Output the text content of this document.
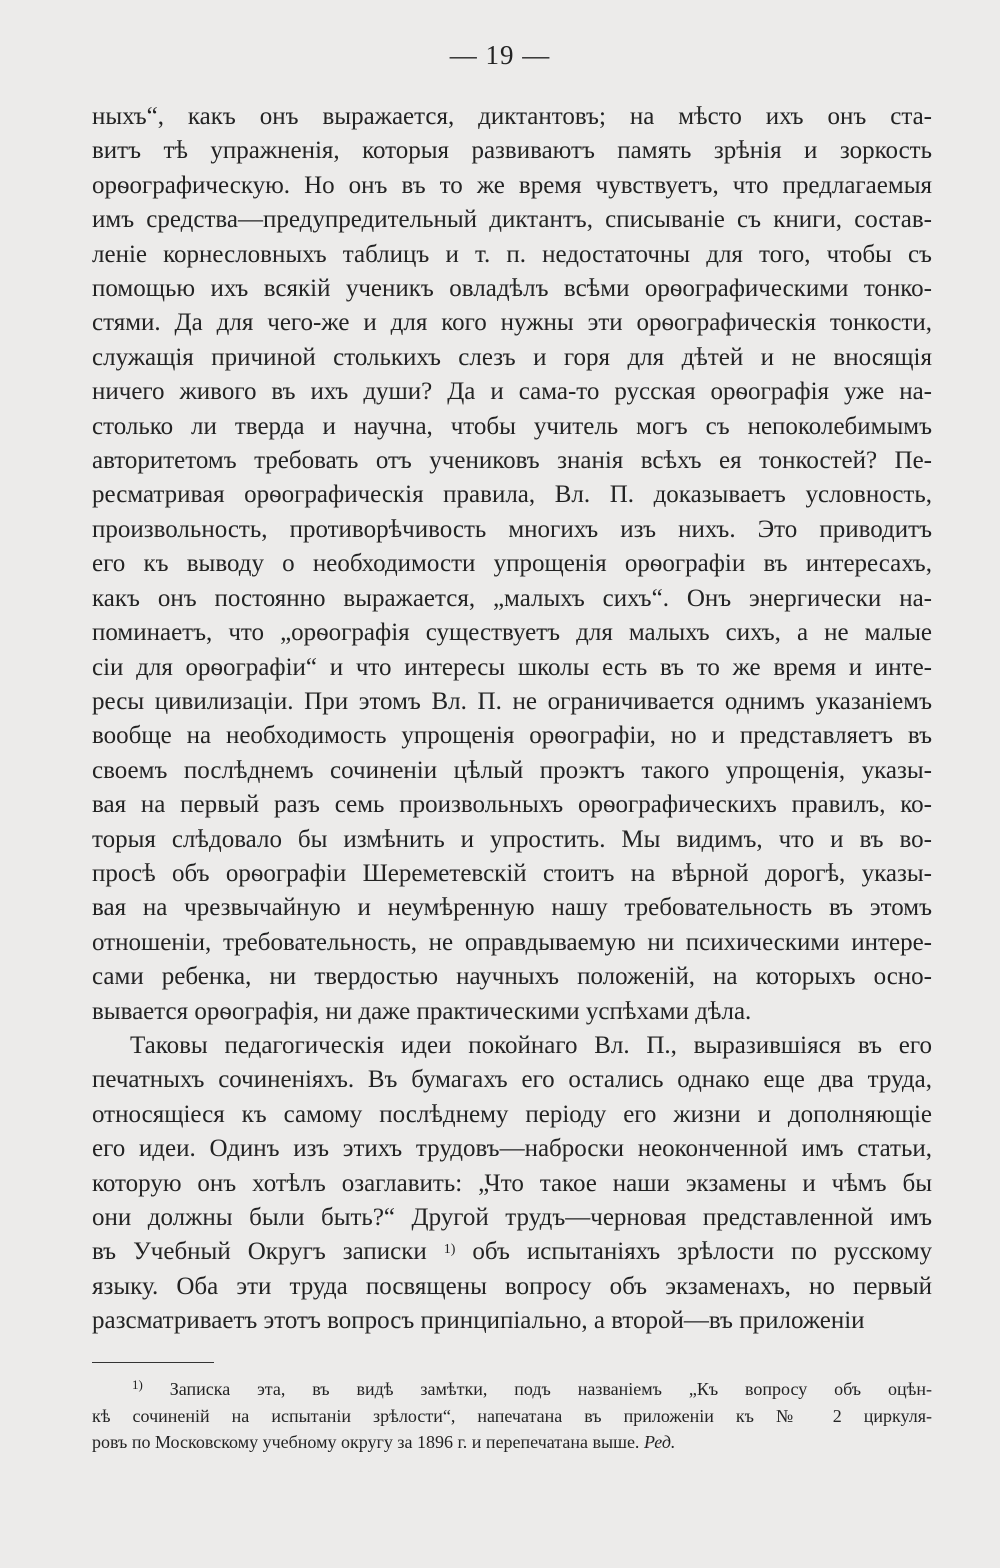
— 19 —

ныхъ“, какъ онъ выражается, диктантовъ; на мѣсто ихъ онъ ста-

витъ тѣ упражненія, которыя развиваютъ память зрѣнія и зоркость

орѳографическую. Но онъ въ то же время чувствуетъ, что предлагаемыя

имъ средства—предупредительный диктантъ, списываніе съ книги, состав-

леніе корнесловныхъ таблицъ и т. п. недостаточны для того, чтобы съ

помощью ихъ всякій ученикъ овладѣлъ всѣми орѳографическими тонко-

стями. Да для чего-же и для кого нужны эти орѳографическія тонкости,

служащія причиной столькихъ слезъ и горя для дѣтей и не вносящія

ничего живого въ ихъ души? Да и сама-то русская орѳографія уже на-

столько ли тверда и научна, чтобы учитель могъ съ непоколебимымъ

авторитетомъ требовать отъ учениковъ знанія всѣхъ ея тонкостей? Пе-

ресматривая орѳографическія правила, Вл. П. доказываетъ условность,

произвольность, противорѣчивость многихъ изъ нихъ. Это приводитъ

его къ выводу о необходимости упрощенія орѳографіи въ интересахъ,

какъ онъ постоянно выражается, „малыхъ сихъ“. Онъ энергически на-

поминаетъ, что „орѳографія существуетъ для малыхъ сихъ, а не малые

сіи для орѳографіи“ и что интересы школы есть въ то же время и инте-

ресы цивилизаціи. При этомъ Вл. П. не ограничивается однимъ указаніемъ

вообще на необходимость упрощенія орѳографіи, но и представляетъ въ

своемъ послѣднемъ сочиненіи цѣлый проэктъ такого упрощенія, указы-

вая на первый разъ семь произвольныхъ орѳографическихъ правилъ, ко-

торыя слѣдовало бы измѣнить и упростить. Мы видимъ, что и въ во-

просѣ объ орѳографіи Шереметевскій стоитъ на вѣрной дорогѣ, указы-

вая на чрезвычайную и неумѣренную нашу требовательность въ этомъ

отношеніи, требовательность, не оправдываемую ни психическими интере-

сами ребенка, ни твердостью научныхъ положеній, на которыхъ осно-

вывается орѳографія, ни даже практическими успѣхами дѣла.

Таковы педагогическія идеи покойнаго Вл. П., выразившіяся въ его

печатныхъ сочиненіяхъ. Въ бумагахъ его остались однако еще два труда,

относящіеся къ самому послѣднему періоду его жизни и дополняющіе

его идеи. Одинъ изъ этихъ трудовъ—наброски неоконченной имъ статьи,

которую онъ хотѣлъ озаглавить: „Что такое наши экзамены и чѣмъ бы

они должны были быть?“ Другой трудъ—черновая представленной имъ

въ Учебный Округъ записки $^{1)}$ объ испытаніяхъ зрѣлости по русскому

языку. Оба эти труда посвящены вопросу объ экзаменахъ, но первый

разсматриваетъ этотъ вопросъ принципіально, а второй—въ приложеніи

$^{1)}$ Записка эта, въ видѣ замѣтки, подъ названіемъ „Къ вопросу объ оцѣн-
кѣ сочиненій на испытаніи зрѣлости“, напечатана въ приложеніи къ № 2 циркуля-
ровъ по Московскому учебному округу за 1896 г. и перепечатана выше. Ред.
